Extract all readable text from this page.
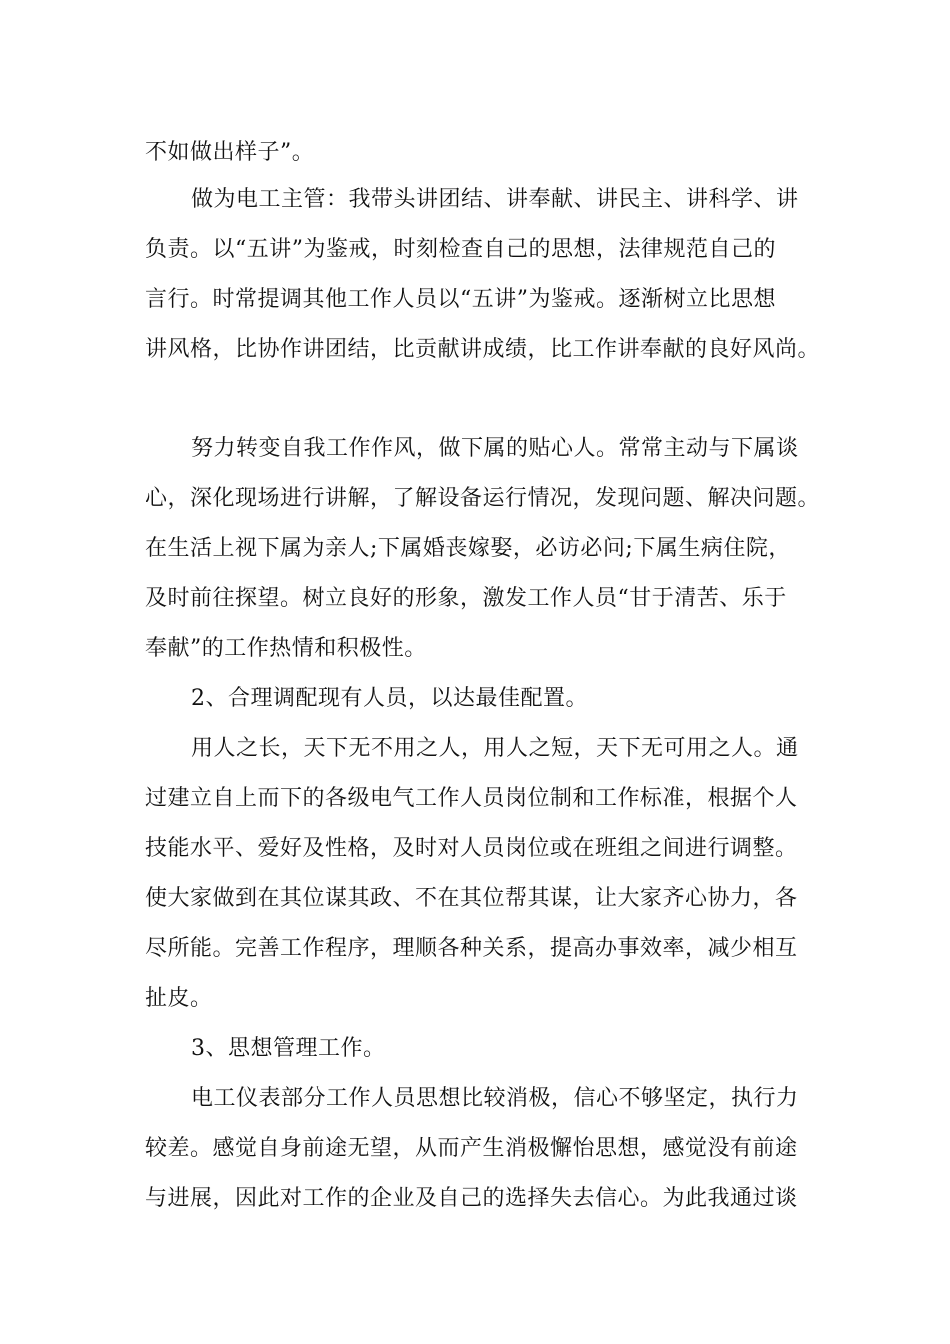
不如做出样子”。
做为电工主管：我带头讲团结、讲奉献、讲民主、讲科学、讲
负责。以“五讲”为鉴戒，时刻检查自己的思想，法律规范自己的
言行。时常提调其他工作人员以“五讲”为鉴戒。逐渐树立比思想
讲风格，比协作讲团结，比贡献讲成绩，比工作讲奉献的良好风尚。
努力转变自我工作作风，做下属的贴心人。常常主动与下属谈
心，深化现场进行讲解，了解设备运行情况，发现问题、解决问题。
在生活上视下属为亲人;下属婚丧嫁娶，必访必问;下属生病住院，
及时前往探望。树立良好的形象，激发工作人员“甘于清苦、乐于
奉献”的工作热情和积极性。
2、合理调配现有人员，以达最佳配置。
用人之长，天下无不用之人，用人之短，天下无可用之人。通
过建立自上而下的各级电气工作人员岗位制和工作标准，根据个人
技能水平、爱好及性格，及时对人员岗位或在班组之间进行调整。
使大家做到在其位谋其政、不在其位帮其谋，让大家齐心协力，各
尽所能。完善工作程序，理顺各种关系，提高办事效率，减少相互
扯皮。
3、思想管理工作。
电工仪表部分工作人员思想比较消极，信心不够坚定，执行力
较差。感觉自身前途无望，从而产生消极懈怡思想，感觉没有前途
与进展，因此对工作的企业及自己的选择失去信心。为此我通过谈
